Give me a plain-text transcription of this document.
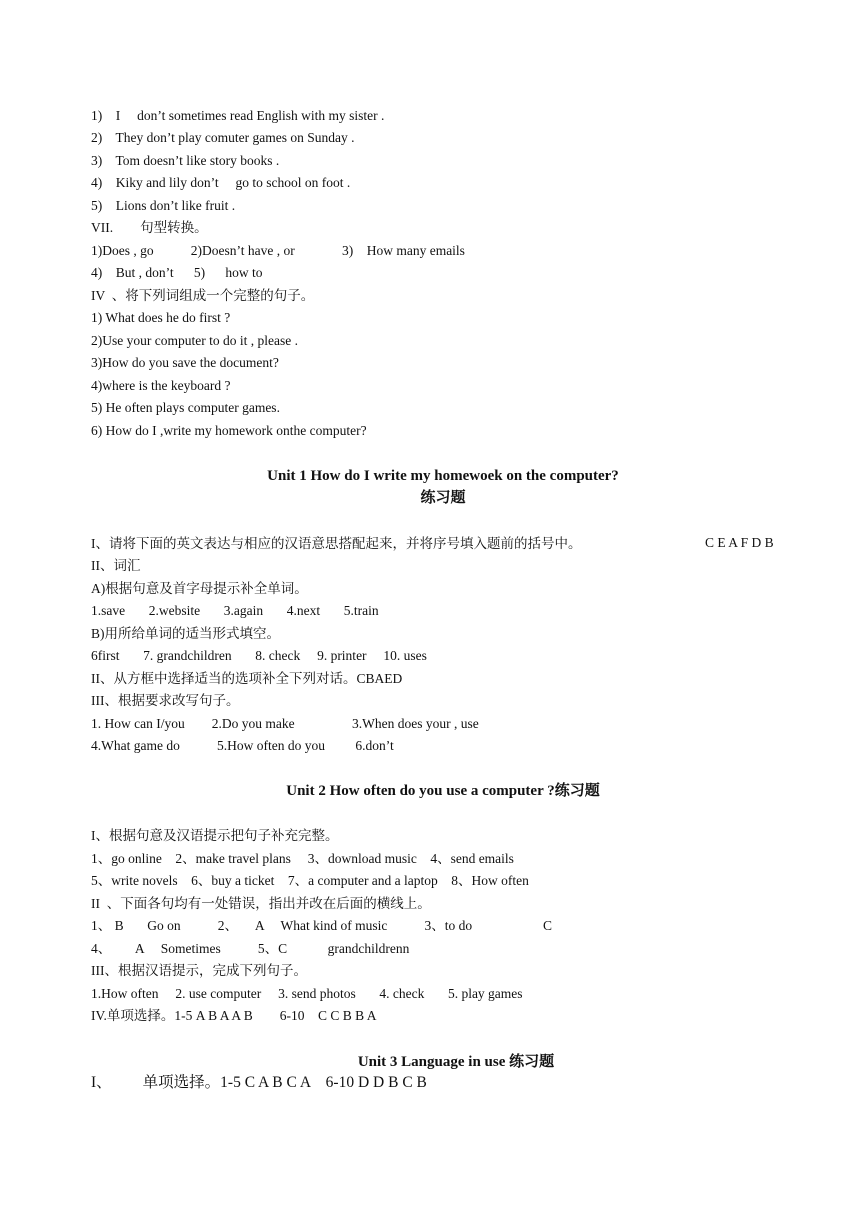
1)    I     don’t sometimes read English with my sister .
2)    They don’t play comuter games on Sunday .
3)    Tom doesn’t like story books .
4)    Kiky and lily don’t     go to school on foot .
5)    Lions don’t like fruit .
VII.        句型转换。
1)Does , go           2)Doesn’t have , or              3)    How many emails
4)    But , don’t      5)      how to
IV  、将下列词组成一个完整的句子。
1) What does he do first ?
2)Use your computer to do it , please .
3)How do you save the document?
4)where is the keyboard ?
5) He often plays computer games.
6) How do I ,write my homework onthe computer?
Unit 1 How do I write my homewoek on the computer?
练习题
I、请将下面的英文表达与相应的汉语意思搭配起来，并将序号填入题前的括号中。	C E A F D B
II、词汇
A)根据句意及首字母提示补全单词。
1.save       2.website       3.again       4.next       5.train
B)用所给单词的适当形式填空。
6first       7. grandchildren       8. check     9. printer     10. uses
II、从方框中选择适当的选项补全下列对话。CBAED
III、根据要求改写句子。
1. How can I/you        2.Do you make                 3.When does your , use
4.What game do           5.How often do you         6.don’t
Unit 2 How often do you use a computer ?练习题
I、根据句意及汉语提示把句子补充完整。
1、go online    2、make travel plans     3、download music    4、send emails
5、write novels    6、buy a ticket    7、a computer and a laptop    8、How often
II  、下面各句均有一处错误，指出并改在后面的横线上。
1、 B       Go on           2、     A     What kind of music           3、to do                     C
4、       A     Sometimes           5、C            grandchildrenn
III、根据汉语提示，完成下列句子。
1.How often     2. use computer     3. send photos       4. check       5. play games
IV.单项选择。1-5 A B A A B        6-10    C C B B A
Unit 3 Language in use 练习题
I、        单项选择。1-5 C A B C A    6-10 D D B C B
